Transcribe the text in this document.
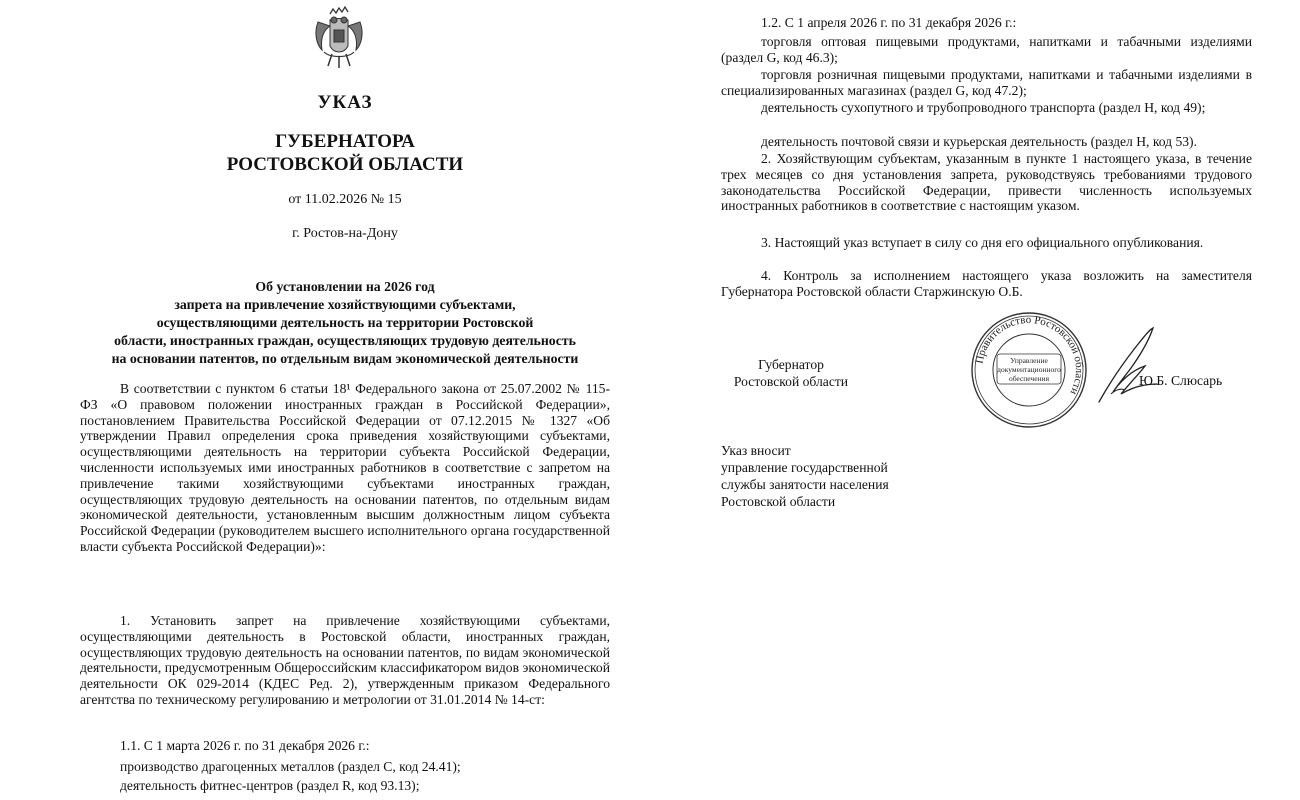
УКАЗ
ГУБЕРНАТОРА
РОСТОВСКОЙ ОБЛАСТИ
от 11.02.2026 № 15
г. Ростов-на-Дону
Об установлении на 2026 год
запрета на привлечение хозяйствующими субъектами,
осуществляющими деятельность на территории Ростовской
области, иностранных граждан, осуществляющих трудовую деятельность
на основании патентов, по отдельным видам экономической деятельности

В соответствии с пунктом 6 статьи 18¹ Федерального закона от 25.07.2002 № 115-ФЗ «О правовом положении иностранных граждан в Российской Федерации», постановлением Правительства Российской Федерации от 07.12.2015 № 1327 «Об утверждении Правил определения срока приведения хозяйствующими субъектами, осуществляющими деятельность на территории субъекта Российской Федерации, численности используемых ими иностранных работников в соответствие с запретом на привлечение такими хозяйствующими субъектами иностранных граждан, осуществляющих трудовую деятельность на основании патентов, по отдельным видам экономической деятельности, установленным высшим должностным лицом субъекта Российской Федерации (руководителем высшего исполнительного органа государственной власти субъекта Российской Федерации)»:

1. Установить запрет на привлечение хозяйствующими субъектами, осуществляющими деятельность в Ростовской области, иностранных граждан, осуществляющих трудовую деятельность на основании патентов, по видам экономической деятельности, предусмотренным Общероссийским классификатором видов экономической деятельности ОК 029-2014 (КДЕС Ред. 2), утвержденным приказом Федерального агентства по техническому регулированию и метрологии от 31.01.2014 № 14-ст:

1.1. С 1 марта 2026 г. по 31 декабря 2026 г.:
производство драгоценных металлов (раздел С, код 24.41);
деятельность фитнес-центров (раздел R, код 93.13);
1.2. С 1 апреля 2026 г. по 31 декабря 2026 г.:

торговля оптовая пищевыми продуктами, напитками и табачными изделиями (раздел G, код 46.3);

торговля розничная пищевыми продуктами, напитками и табачными изделиями в специализированных магазинах (раздел G, код 47.2);

деятельность сухопутного и трубопроводного транспорта (раздел H, код 49);

деятельность почтовой связи и курьерская деятельность (раздел H, код 53).

2. Хозяйствующим субъектам, указанным в пункте 1 настоящего указа, в течение трех месяцев со дня установления запрета, руководствуясь требованиями трудового законодательства Российской Федерации, привести численность используемых иностранных работников в соответствие с настоящим указом.

3. Настоящий указ вступает в силу со дня его официального опубликования.

4. Контроль за исполнением настоящего указа возложить на заместителя Губернатора Ростовской области Старжинскую О.Б.

Губернатор
Ростовской области
Правительство Ростовской области
Управление
документационного
обеспечения	Ю.Б. Слюсарь
Указ вносит
управление государственной
службы занятости населения
Ростовской области
